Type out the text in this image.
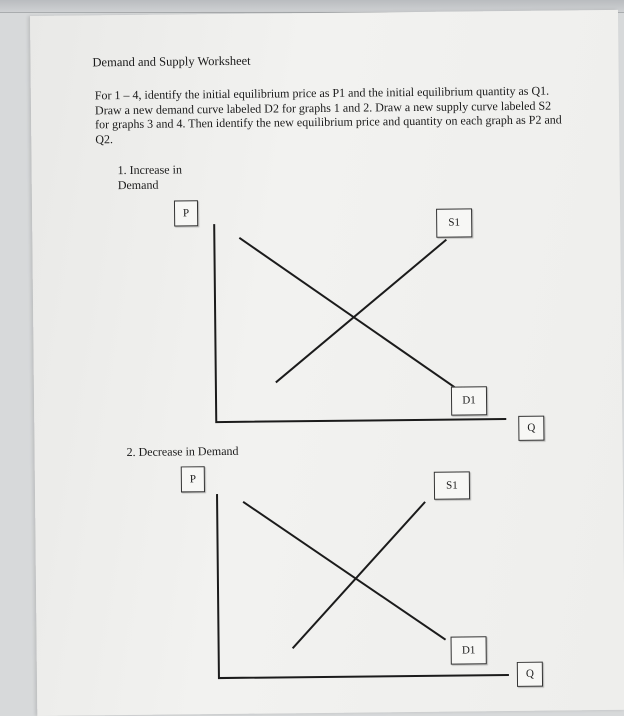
Demand and Supply Worksheet
For 1 – 4, identify the initial equilibrium price as P1 and the initial equilibrium quantity as Q1. Draw a new demand curve labeled D2 for graphs 1 and 2. Draw a new supply curve labeled S2 for graphs 3 and 4. Then identify the new equilibrium price and quantity on each graph as P2 and Q2.
1. Increase in Demand
P
S1
D1
Q
2. Decrease in Demand
P
S1
D1
Q
